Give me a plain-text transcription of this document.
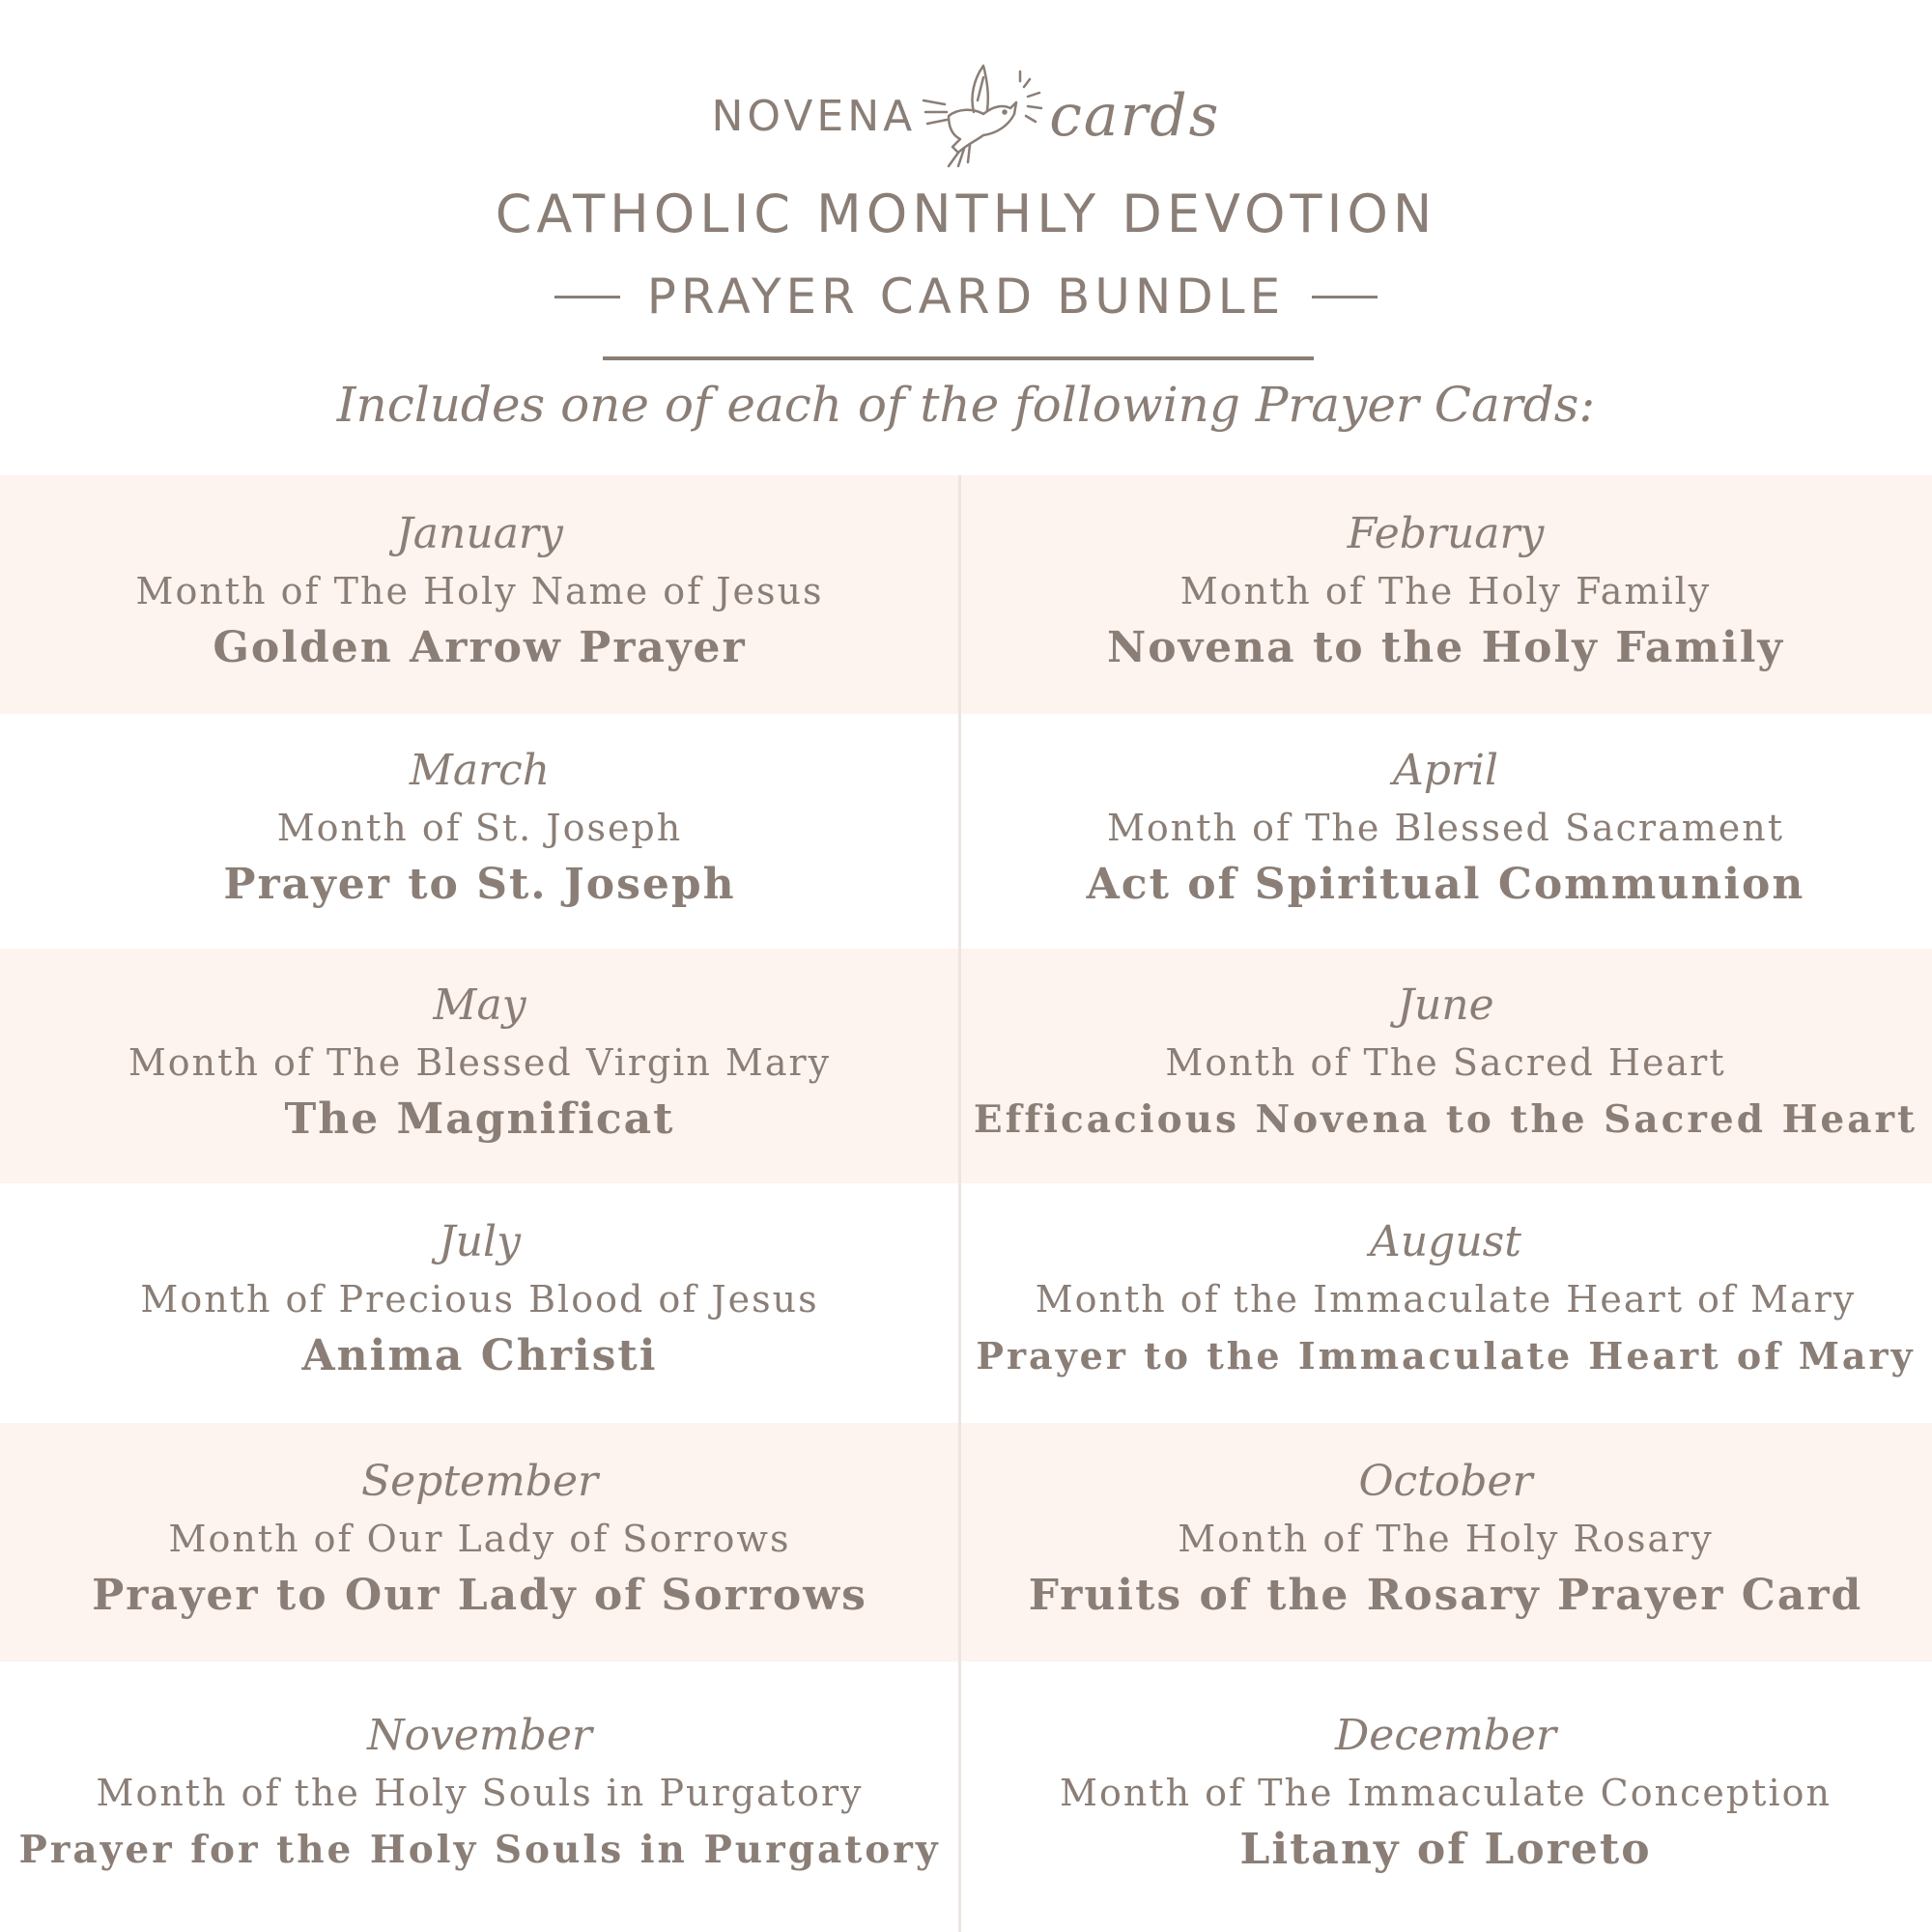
NOVENA cards
CATHOLIC MONTHLY DEVOTION
PRAYER CARD BUNDLE
Includes one of each of the following Prayer Cards:
January
Month of The Holy Name of Jesus
Golden Arrow Prayer
February
Month of The Holy Family
Novena to the Holy Family
March
Month of St. Joseph
Prayer to St. Joseph
April
Month of The Blessed Sacrament
Act of Spiritual Communion
May
Month of The Blessed Virgin Mary
The Magnificat
June
Month of The Sacred Heart
Efficacious Novena to the Sacred Heart
July
Month of Precious Blood of Jesus
Anima Christi
August
Month of the Immaculate Heart of Mary
Prayer to the Immaculate Heart of Mary
September
Month of Our Lady of Sorrows
Prayer to Our Lady of Sorrows
October
Month of The Holy Rosary
Fruits of the Rosary Prayer Card
November
Month of the Holy Souls in Purgatory
Prayer for the Holy Souls in Purgatory
December
Month of The Immaculate Conception
Litany of Loreto
